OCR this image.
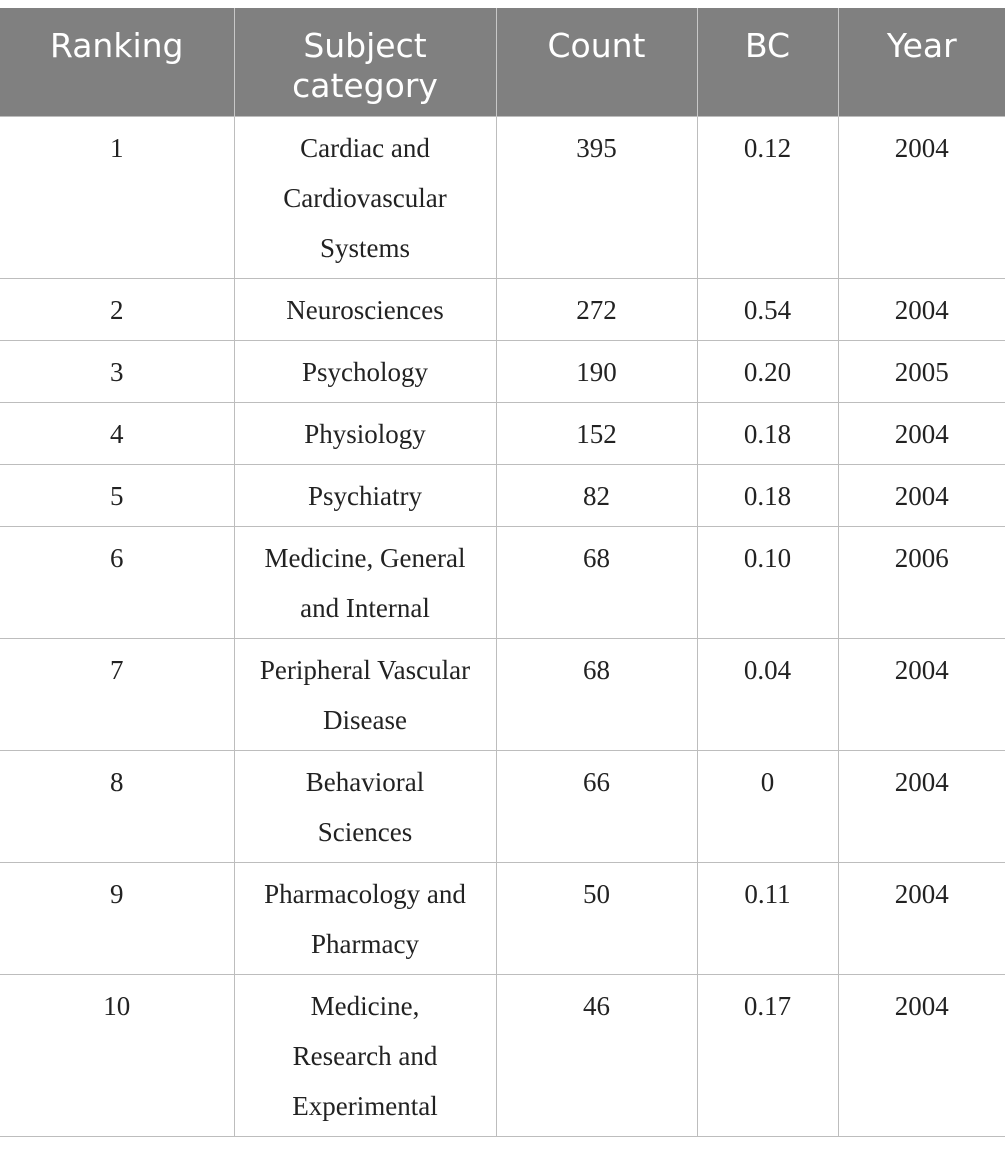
Ranking	Subject category	Count	BC	Year
1	Cardiac and Cardiovascular Systems	395	0.12	2004
2	Neurosciences	272	0.54	2004
3	Psychology	190	0.20	2005
4	Physiology	152	0.18	2004
5	Psychiatry	82	0.18	2004
6	Medicine, General and Internal	68	0.10	2006
7	Peripheral Vascular Disease	68	0.04	2004
8	Behavioral Sciences	66	0	2004
9	Pharmacology and Pharmacy	50	0.11	2004
10	Medicine, Research and Experimental	46	0.17	2004
